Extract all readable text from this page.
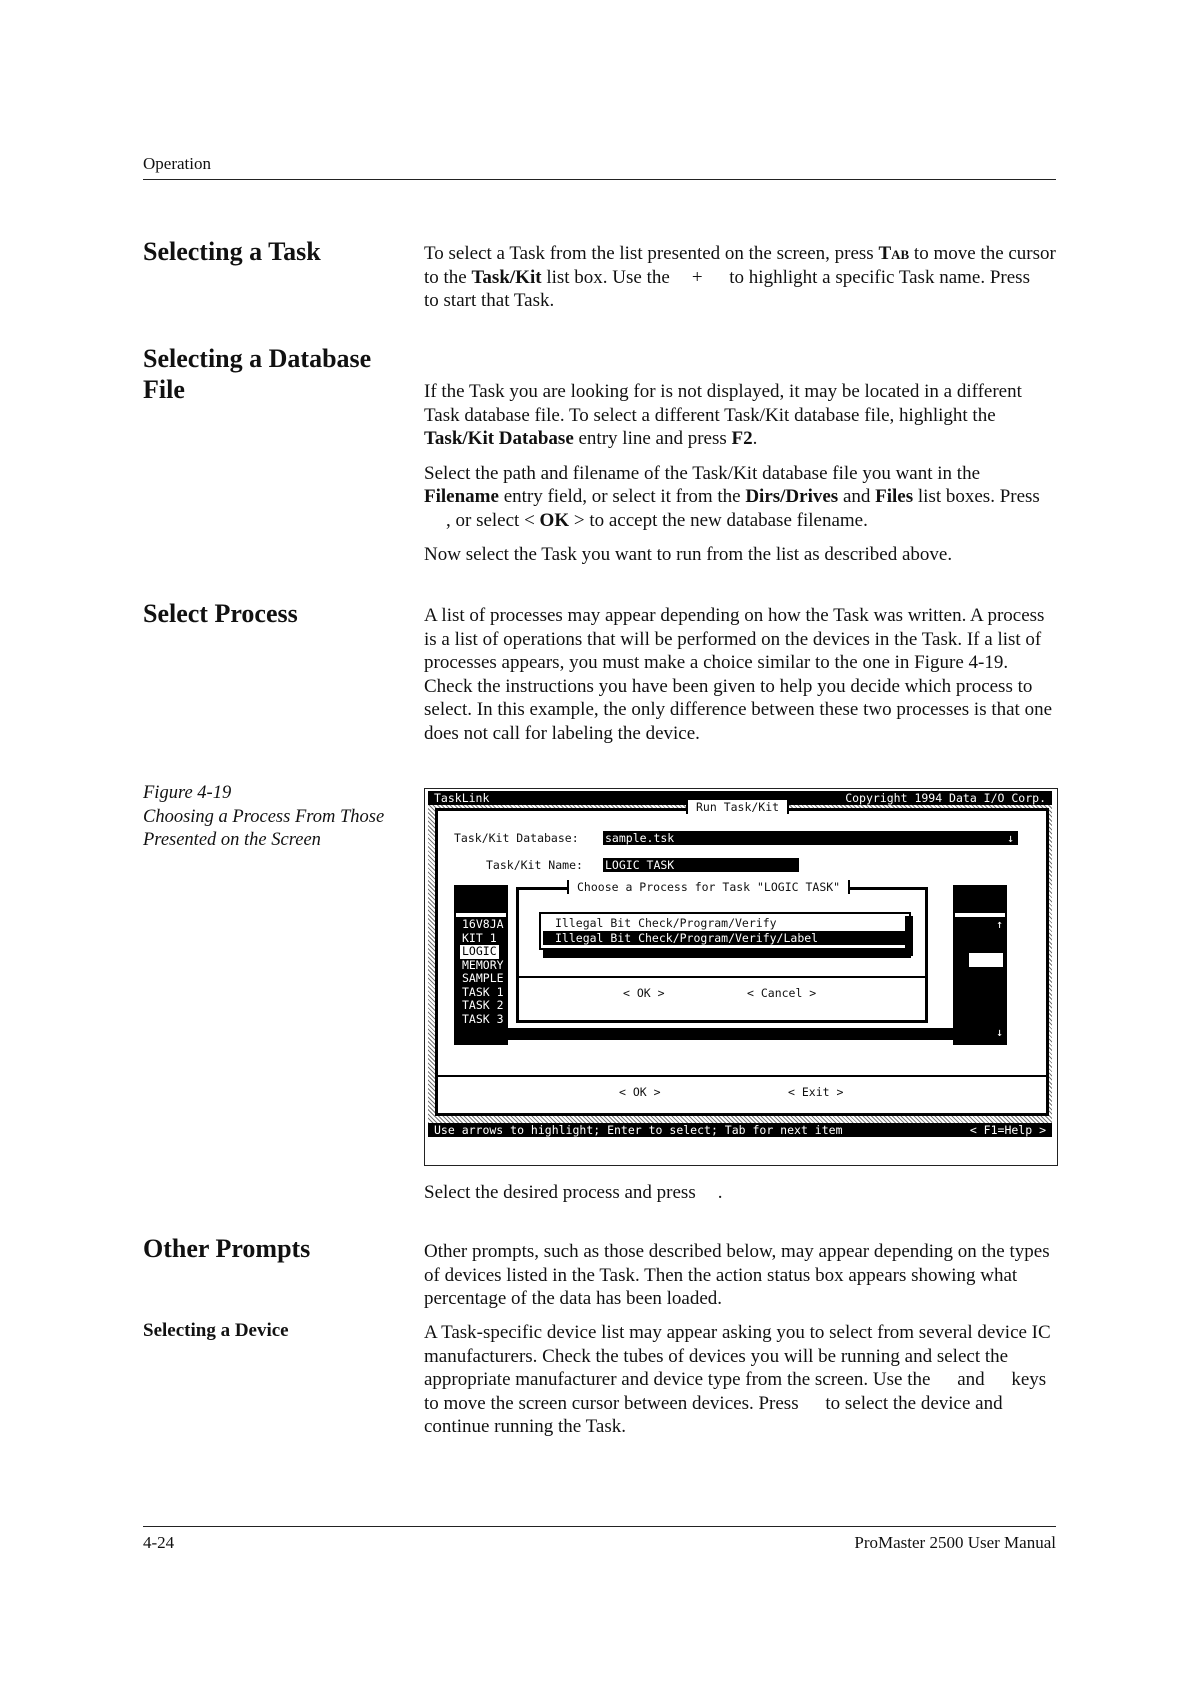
Operation
Selecting a Task	To select a Task from the list presented on the screen, press Tab to move the cursor to the Task/Kit list box. Use the + to highlight a specific Task name. Press to start that Task.

Selecting a Database
File	If the Task you are looking for is not displayed, it may be located in a different Task database file. To select a different Task/Kit database file, highlight the Task/Kit Database entry line and press F2.

Select the path and filename of the Task/Kit database file you want in the Filename entry field, or select it from the Dirs/Drives and Files list boxes. Press, or select < OK > to accept the new database filename.

Now select the Task you want to run from the list as described above.

Select Process	A list of processes may appear depending on how the Task was written. A process is a list of operations that will be performed on the devices in the Task. If a list of processes appears, you must make a choice similar to the one in Figure 4-19. Check the instructions you have been given to help you decide which process to select. In this example, the only difference between these two processes is that one does not call for labeling the device.

Figure 4-19
Choosing a Process From Those
Presented on the Screen

TaskLink

	Copyright 1994 Data I/O Corp.

Run Task/Kit
Task/Kit Database: sample.tsk	↓
Task/Kit Name: LOGIC TASK
16V8JA
KIT 1
LOGIC
MEMORY
SAMPLE
TASK 1
TASK 2
TASK 3
↑
↓
Choose a Process for Task "LOGIC TASK"
Illegal Bit Check/Program/Verify
Illegal Bit Check/Program/Verify/Label
< OK >	< Cancel >
< OK >	< Exit >

Use arrows to highlight; Enter to select; Tab for next item

	< F1=Help >

Select the desired process and press .

Other Prompts	Other prompts, such as those described below, may appear depending on the types of devices listed in the Task. Then the action status box appears showing what percentage of the data has been loaded.

Selecting a Device	A Task-specific device list may appear asking you to select from several device IC manufacturers. Check the tubes of devices you will be running and select the appropriate manufacturer and device type from the screen. Use the and keys to move the screen cursor between devices. Press to select the device and continue running the Task.

4-24	ProMaster 2500 User Manual
